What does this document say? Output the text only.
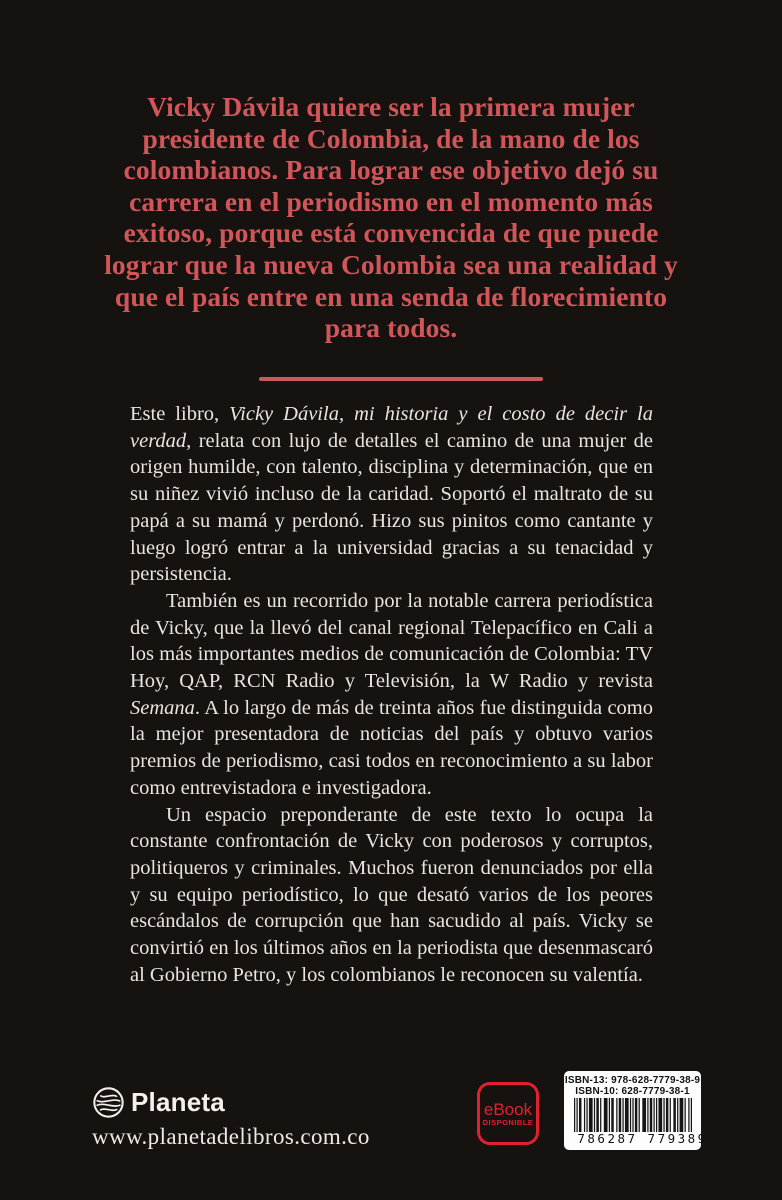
Vicky Dávila quiere ser la primera mujer presidente de Colombia, de la mano de los colombianos. Para lograr ese objetivo dejó su carrera en el periodismo en el momento más exitoso, porque está convencida de que puede lograr que la nueva Colombia sea una realidad y que el país entre en una senda de florecimiento para todos.

Este libro, Vicky Dávila, mi historia y el costo de decir la verdad, relata con lujo de detalles el camino de una mujer de origen humilde, con talento, disciplina y determinación, que en su niñez vivió incluso de la caridad. Soportó el maltrato de su papá a su mamá y perdonó. Hizo sus pinitos como cantante y luego logró entrar a la universidad gracias a su tenacidad y persistencia.

También es un recorrido por la notable carrera periodística de Vicky, que la llevó del canal regional Telepacífico en Cali a los más importantes medios de comunicación de Colombia: TV Hoy, QAP, RCN Radio y Televisión, la W Radio y revista Semana. A lo largo de más de treinta años fue distinguida como la mejor presentadora de noticias del país y obtuvo varios premios de periodismo, casi todos en reconocimiento a su labor como entrevistadora e investigadora.

Un espacio preponderante de este texto lo ocupa la constante confrontación de Vicky con poderosos y corruptos, politiqueros y criminales. Muchos fueron denunciados por ella y su equipo periodístico, lo que desató varios de los peores escándalos de corrupción que han sacudido al país. Vicky se convirtió en los últimos años en la periodista que desenmascaró al Gobierno Petro, y los colombianos le reconocen su valentía.

Planeta
www.planetadelibros.com.co
eBook
DISPONIBLE
ISBN-13: 978-628-7779-38-9
ISBN-10: 628-7779-38-1
9 786287 779389
